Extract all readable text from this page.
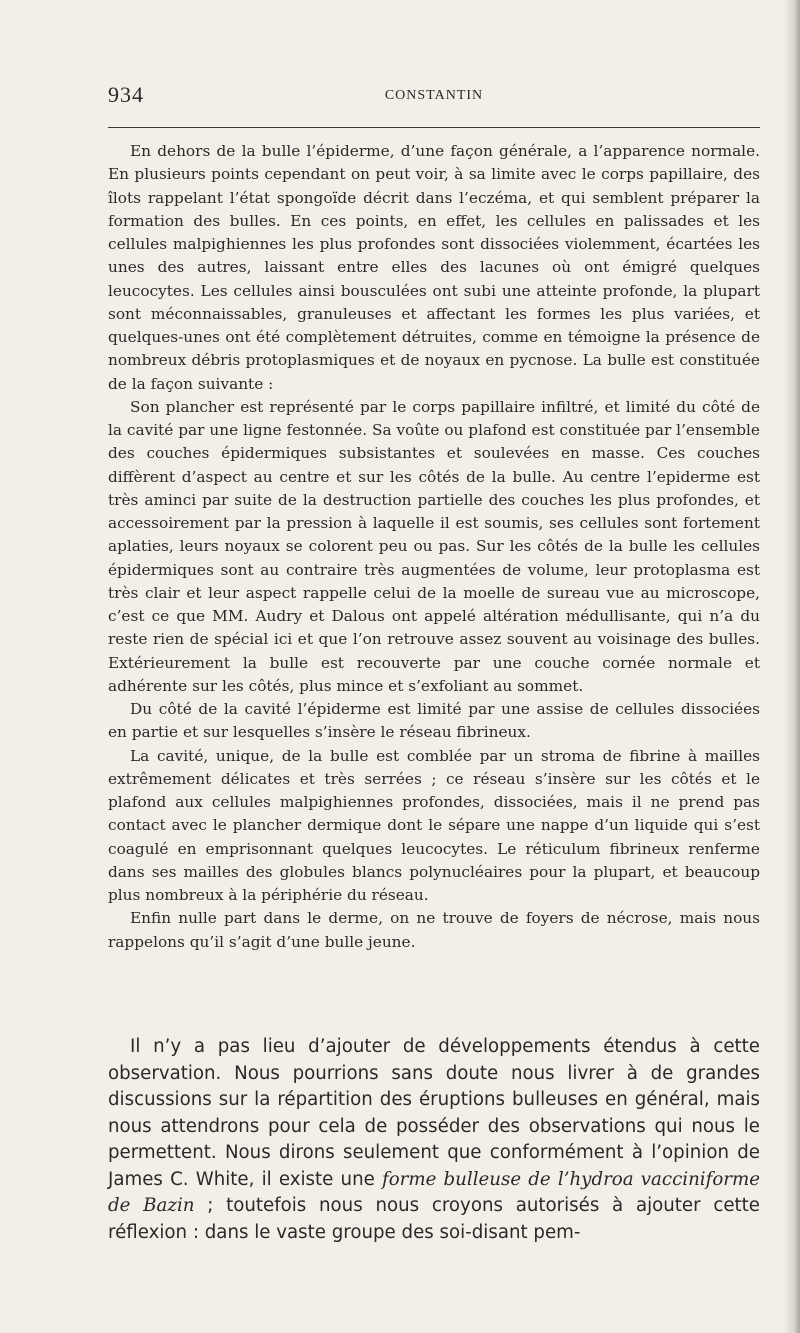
934	CONSTANTIN

En dehors de la bulle l’épiderme, d’une façon générale, a l’apparence normale. En plusieurs points cependant on peut voir, à sa limite avec le corps papillaire, des îlots rappelant l’état spongoïde décrit dans l’eczéma, et qui semblent préparer la formation des bulles. En ces points, en effet, les cellules en palissades et les cellules malpighiennes les plus profondes sont dissociées violemment, écartées les unes des autres, laissant entre elles des lacunes où ont émigré quelques leucocytes. Les cellules ainsi bousculées ont subi une atteinte profonde, la plupart sont méconnaissables, granuleuses et affectant les formes les plus variées, et quelques-unes ont été complètement détruites, comme en témoigne la présence de nombreux débris protoplasmiques et de noyaux en pycnose. La bulle est constituée de la façon suivante :

Son plancher est représenté par le corps papillaire infiltré, et limité du côté de la cavité par une ligne festonnée. Sa voûte ou plafond est constituée par l’ensemble des couches épidermiques subsistantes et soulevées en masse. Ces couches diffèrent d’aspect au centre et sur les côtés de la bulle. Au centre l’epiderme est très aminci par suite de la destruction partielle des couches les plus profondes, et accessoirement par la pression à laquelle il est soumis, ses cellules sont fortement aplaties, leurs noyaux se colorent peu ou pas. Sur les côtés de la bulle les cellules épidermiques sont au contraire très augmentées de volume, leur protoplasma est très clair et leur aspect rappelle celui de la moelle de sureau vue au microscope, c’est ce que MM. Audry et Dalous ont appelé altération médullisante, qui n’a du reste rien de spécial ici et que l’on retrouve assez souvent au voisinage des bulles. Extérieurement la bulle est recouverte par une couche cornée normale et adhérente sur les côtés, plus mince et s’exfoliant au sommet.

Du côté de la cavité l’épiderme est limité par une assise de cellules dissociées en partie et sur lesquelles s’insère le réseau fibrineux.

La cavité, unique, de la bulle est comblée par un stroma de fibrine à mailles extrêmement délicates et très serrées ; ce réseau s’insère sur les côtés et le plafond aux cellules malpighiennes profondes, dissociées, mais il ne prend pas contact avec le plancher dermique dont le sépare une nappe d’un liquide qui s’est coagulé en emprisonnant quelques leucocytes. Le réticulum fibrineux renferme dans ses mailles des globules blancs polynucléaires pour la plupart, et beaucoup plus nombreux à la périphérie du réseau.

Enfin nulle part dans le derme, on ne trouve de foyers de nécrose, mais nous rappelons qu’il s’agit d’une bulle jeune.

Il n’y a pas lieu d’ajouter de développements étendus à cette observation. Nous pourrions sans doute nous livrer à de grandes discussions sur la répartition des éruptions bulleuses en général, mais nous attendrons pour cela de posséder des observations qui nous le permettent. Nous dirons seulement que conformément à l’opinion de James C. White, il existe une forme bulleuse de l’hydroa vacciniforme de Bazin ; toutefois nous nous croyons autorisés à ajouter cette réflexion : dans le vaste groupe des soi-disant pem-
